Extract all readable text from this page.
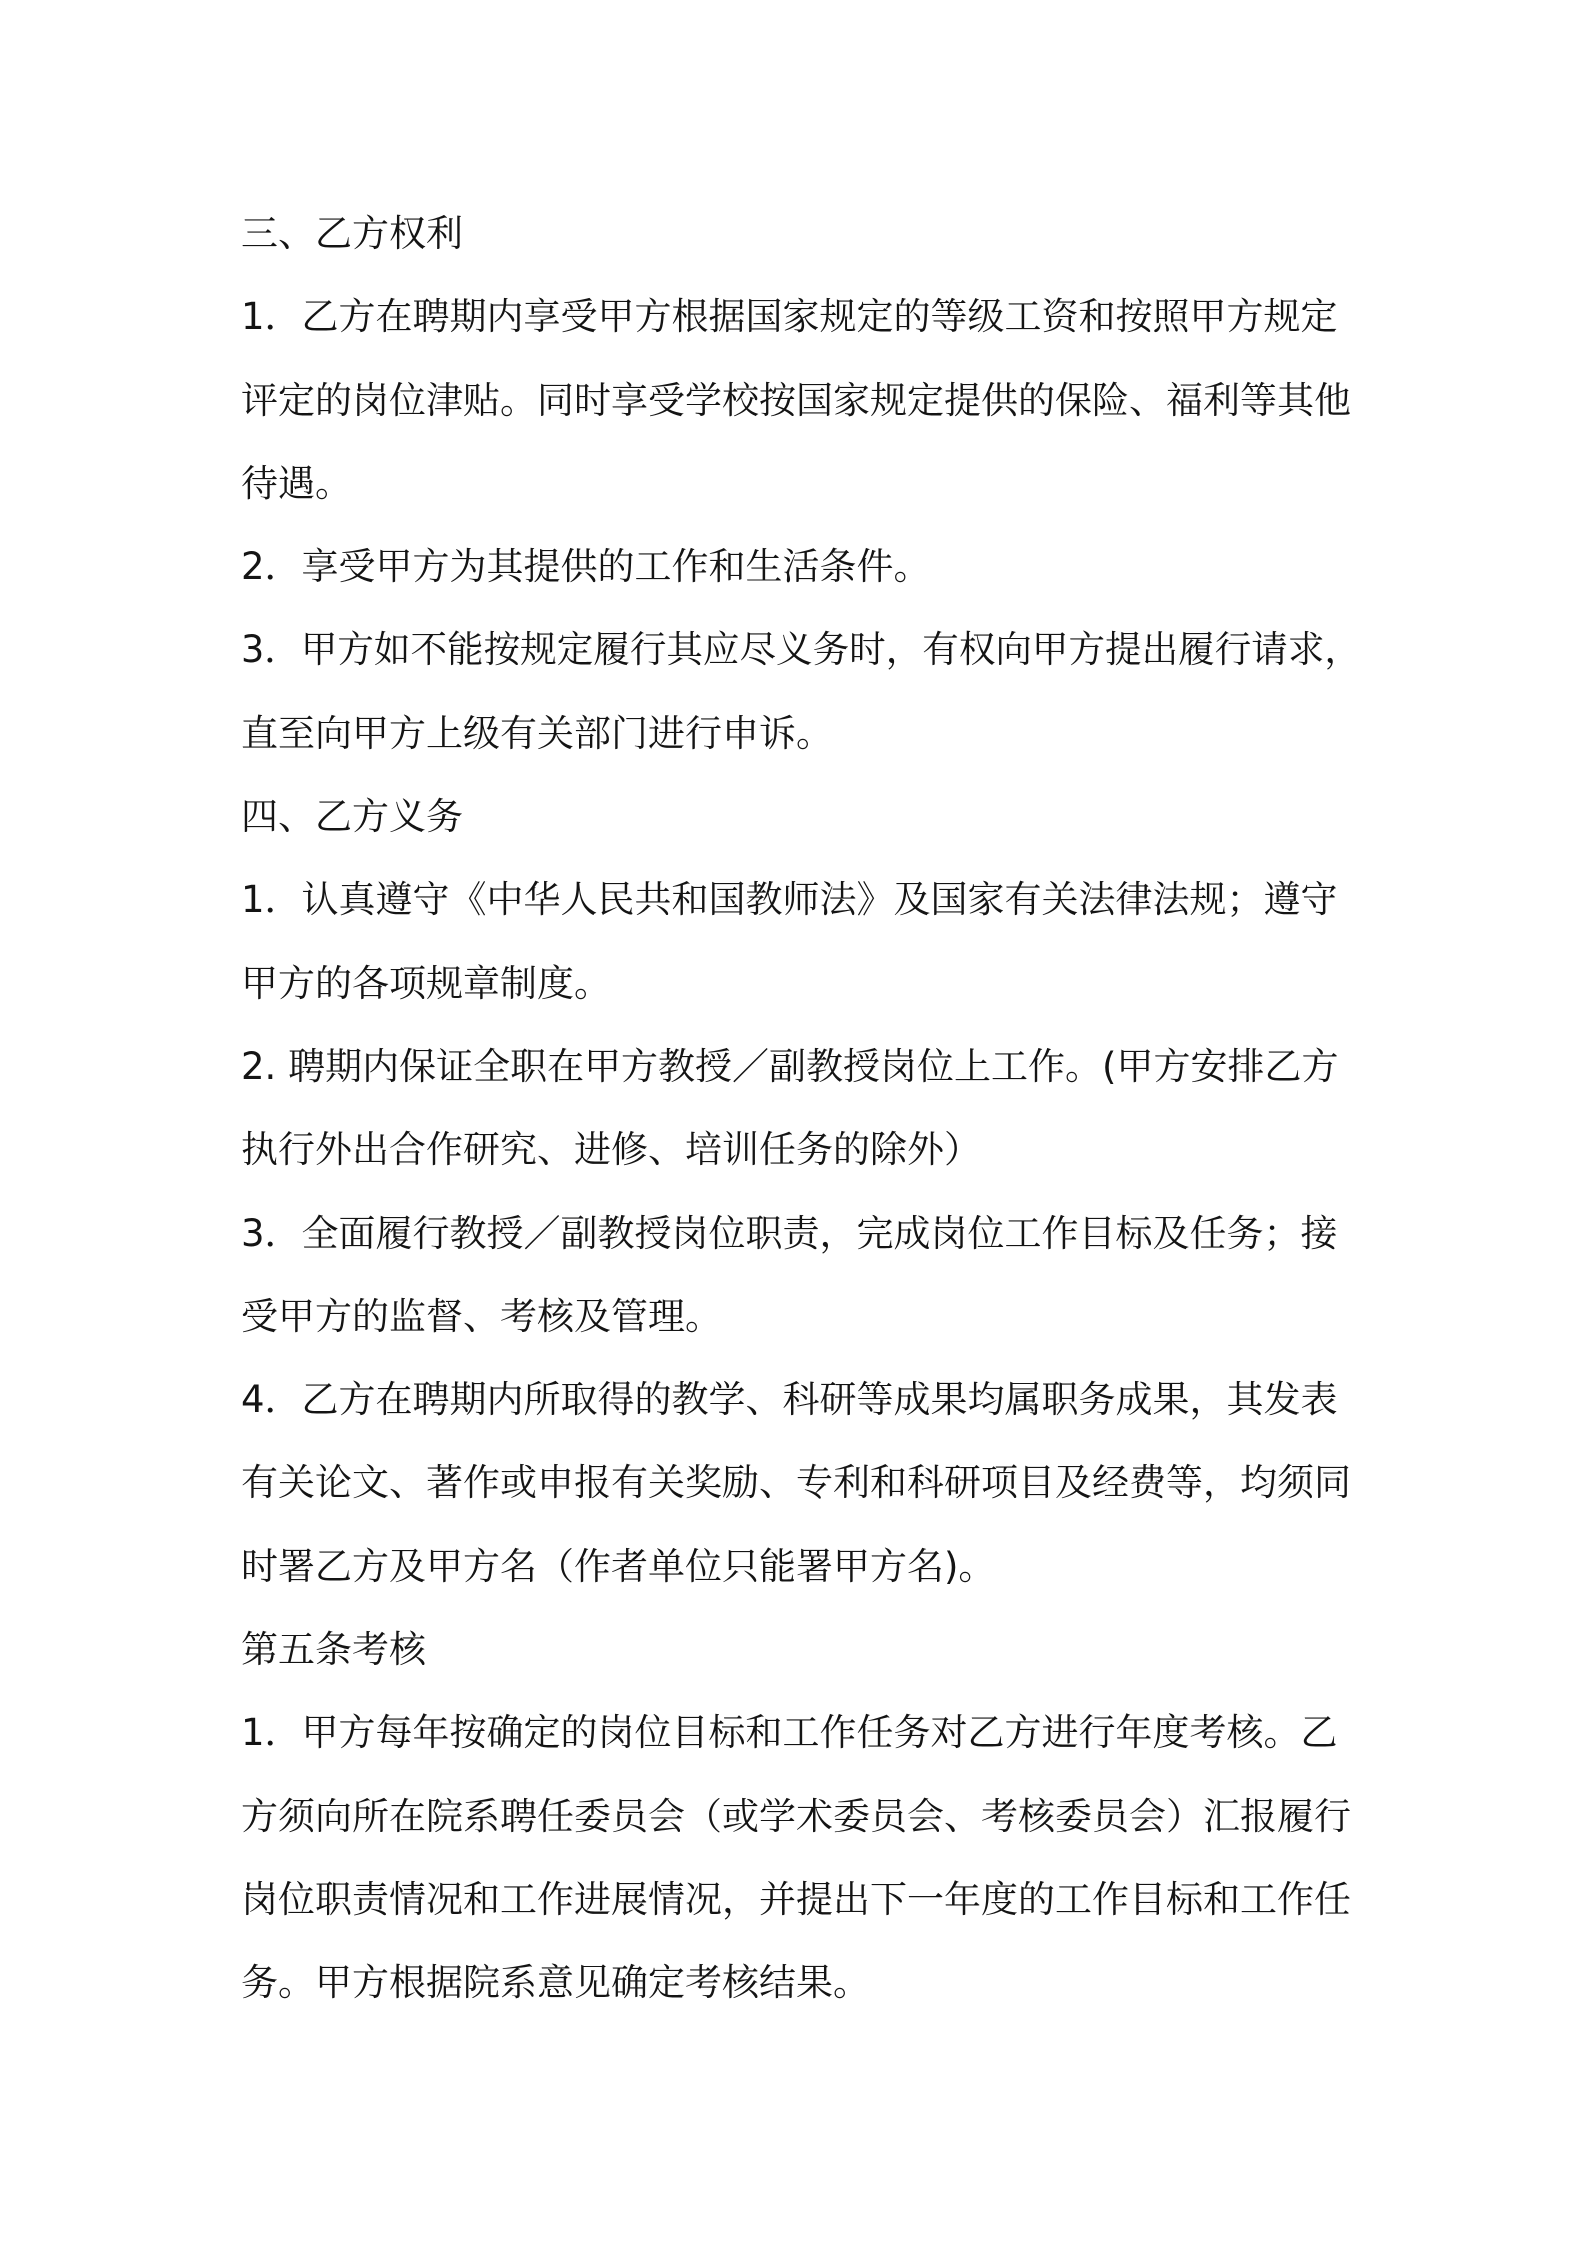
三、乙方权利
1．乙方在聘期内享受甲方根据国家规定的等级工资和按照甲方规定
评定的岗位津贴。同时享受学校按国家规定提供的保险、福利等其他
待遇。
2．享受甲方为其提供的工作和生活条件。
3．甲方如不能按规定履行其应尽义务时，有权向甲方提出履行请求，
直至向甲方上级有关部门进行申诉。
四、乙方义务
1．认真遵守《中华人民共和国教师法》及国家有关法律法规；遵守
甲方的各项规章制度。
2. 聘期内保证全职在甲方教授／副教授岗位上工作。(甲方安排乙方
执行外出合作研究、进修、培训任务的除外）
3．全面履行教授／副教授岗位职责，完成岗位工作目标及任务；接
受甲方的监督、考核及管理。
4．乙方在聘期内所取得的教学、科研等成果均属职务成果，其发表
有关论文、著作或申报有关奖励、专利和科研项目及经费等，均须同
时署乙方及甲方名（作者单位只能署甲方名)。
第五条考核
1．甲方每年按确定的岗位目标和工作任务对乙方进行年度考核。乙
方须向所在院系聘任委员会（或学术委员会、考核委员会）汇报履行
岗位职责情况和工作进展情况，并提出下一年度的工作目标和工作任
务。甲方根据院系意见确定考核结果。
